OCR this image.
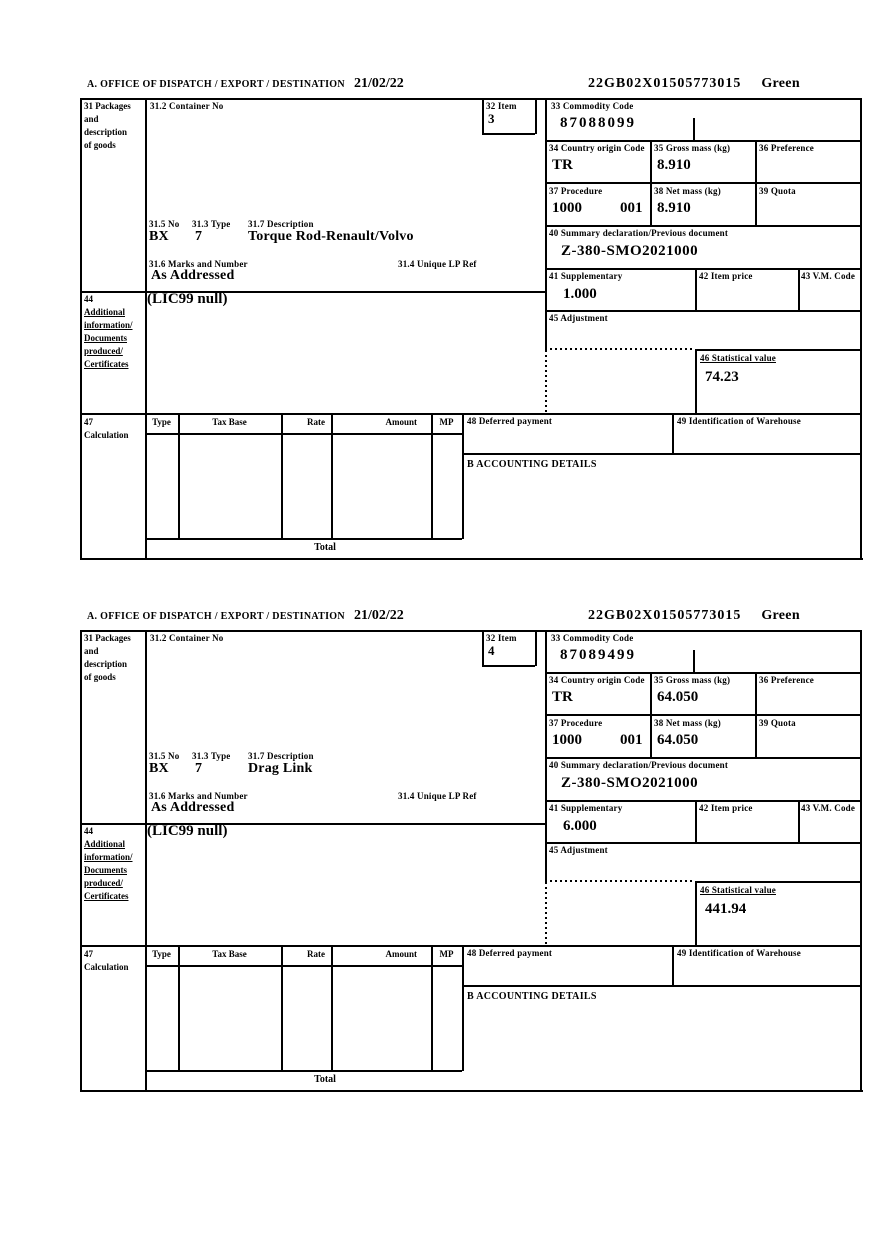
A. OFFICE OF DISPATCH / EXPORT / DESTINATION 21/02/22	22GB02X01505773015 Green
31 Packages
and
description
of goods
31.2 Container No	32 Item
3
33 Commodity Code
87088099
34 Country origin Code
TR
35 Gross mass (kg)
8.910
36 Preference
37 Procedure
1000	001
38 Net mass (kg)
8.910
39 Quota
40 Summary declaration/Previous document
Z-380-SMO2021000
41 Supplementary
1.000
42 Item price	43 V.M. Code
45 Adjustment
46 Statistical value
74.23
31.5 No 31.3 Type 31.7 Description
BX 7	Torque Rod-Renault/Volvo
31.6 Marks and Number	31.4 Unique LP Ref
As Addressed
44
Additional
information/
Documents
produced/
Certificates
(LIC99 null)
47
Calculation
Type	Tax Base	Rate	Amount	MP	48 Deferred payment	49 Identification of Warehouse
B ACCOUNTING DETAILS
Total
A. OFFICE OF DISPATCH / EXPORT / DESTINATION 21/02/22	22GB02X01505773015 Green
31 Packages
and
description
of goods
31.2 Container No	32 Item
4
33 Commodity Code
87089499
34 Country origin Code
TR
35 Gross mass (kg)
64.050
36 Preference
37 Procedure
1000	001
38 Net mass (kg)
64.050
39 Quota
40 Summary declaration/Previous document
Z-380-SMO2021000
41 Supplementary
6.000
42 Item price	43 V.M. Code
45 Adjustment
46 Statistical value
441.94
31.5 No 31.3 Type 31.7 Description
BX 7	Drag Link
31.6 Marks and Number	31.4 Unique LP Ref
As Addressed
44
Additional
information/
Documents
produced/
Certificates
(LIC99 null)
47
Calculation
Type	Tax Base	Rate	Amount	MP	48 Deferred payment	49 Identification of Warehouse
B ACCOUNTING DETAILS
Total
